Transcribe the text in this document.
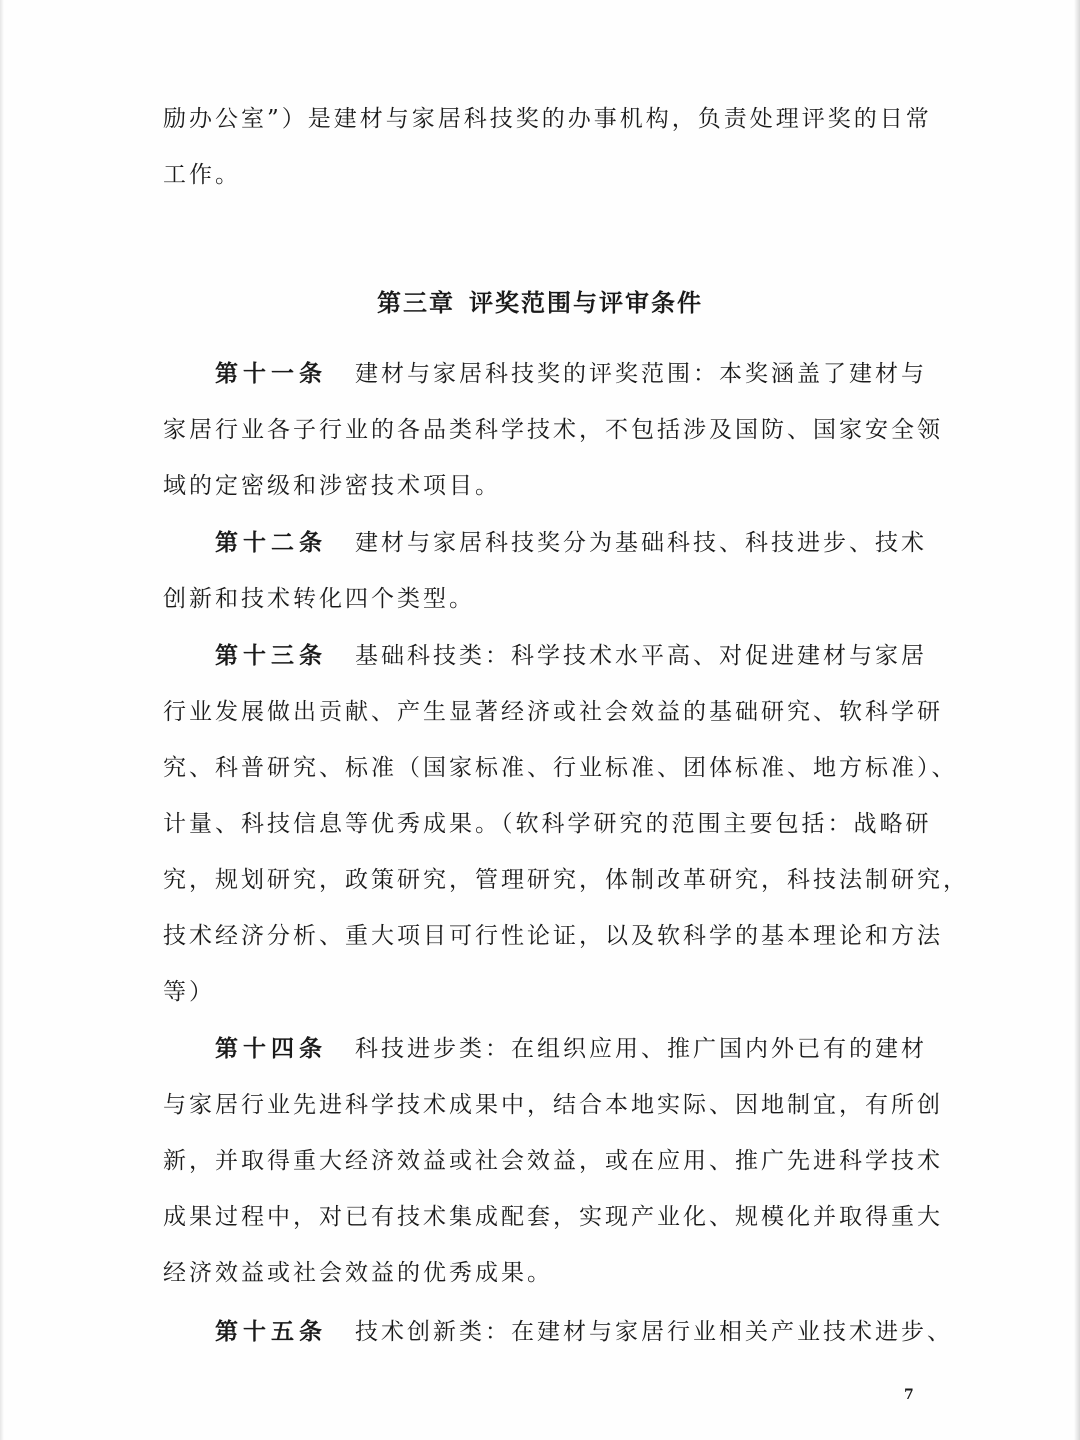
励办公室”）是建材与家居科技奖的办事机构，负责处理评奖的日常
工作。
第三章 评奖范围与评审条件
第十一条 建材与家居科技奖的评奖范围：本奖涵盖了建材与
家居行业各子行业的各品类科学技术，不包括涉及国防、国家安全领
域的定密级和涉密技术项目。
第十二条 建材与家居科技奖分为基础科技、科技进步、技术
创新和技术转化四个类型。
第十三条 基础科技类：科学技术水平高、对促进建材与家居
行业发展做出贡献、产生显著经济或社会效益的基础研究、软科学研
究、科普研究、标准（国家标准、行业标准、团体标准、地方标准）、
计量、科技信息等优秀成果。（软科学研究的范围主要包括：战略研
究，规划研究，政策研究，管理研究，体制改革研究，科技法制研究，
技术经济分析、重大项目可行性论证，以及软科学的基本理论和方法
等）
第十四条 科技进步类：在组织应用、推广国内外已有的建材
与家居行业先进科学技术成果中，结合本地实际、因地制宜，有所创
新，并取得重大经济效益或社会效益，或在应用、推广先进科学技术
成果过程中，对已有技术集成配套，实现产业化、规模化并取得重大
经济效益或社会效益的优秀成果。
第十五条 技术创新类：在建材与家居行业相关产业技术进步、
7
